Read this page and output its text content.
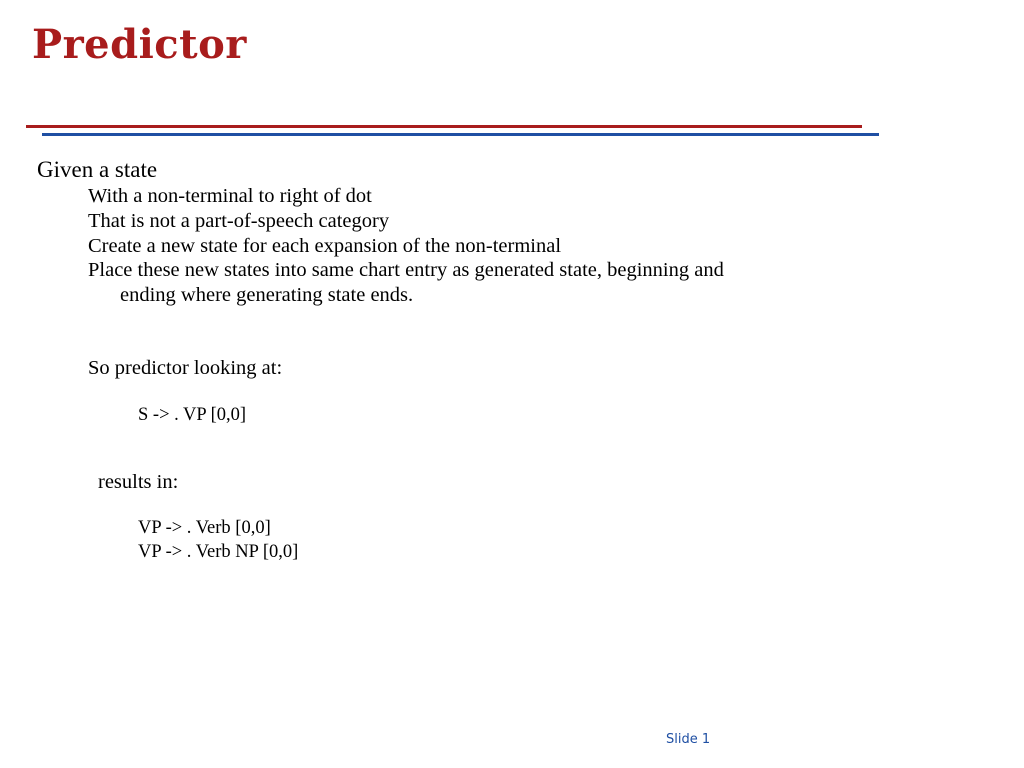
Predictor

Given a state

With a non-terminal to right of dot

That is not a part-of-speech category

Create a new state for each expansion of the non-terminal

Place these new states into same chart entry as generated state, beginning and

ending where generating state ends.

So predictor looking at:

S -> . VP [0,0]

results in:

VP -> . Verb [0,0]

VP -> . Verb NP [0,0]

Slide 1
